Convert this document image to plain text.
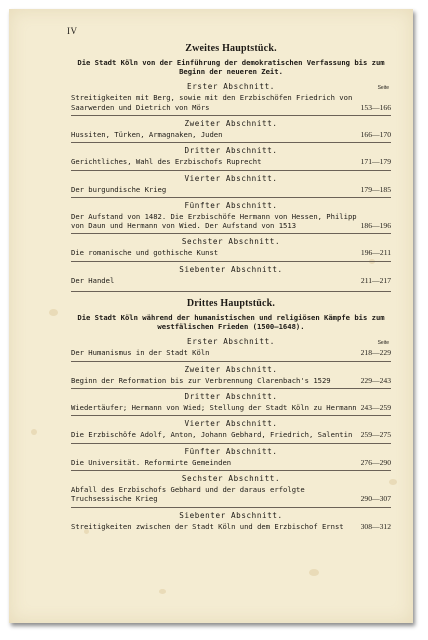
IV
Zweites Hauptstück.
Die Stadt Köln von der Einführung der demokratischen Verfassung bis zum Beginn der neueren Zeit.
Erster Abschnitt.	Seite
Streitigkeiten mit Berg, sowie mit den Erzbischöfen Friedrich von Saarwerden und Dietrich von Mörs	153—166
Zweiter Abschnitt.
Hussiten, Türken, Armagnaken, Juden	166—170
Dritter Abschnitt.
Gerichtliches, Wahl des Erzbischofs Ruprecht	171—179
Vierter Abschnitt.
Der burgundische Krieg	179—185
Fünfter Abschnitt.
Der Aufstand von 1482. Die Erzbischöfe Hermann von Hessen, Philipp von Daun und Hermann von Wied. Der Aufstand von 1513	186—196
Sechster Abschnitt.
Die romanische und gothische Kunst	196—211
Siebenter Abschnitt.
Der Handel	211—217
Drittes Hauptstück.
Die Stadt Köln während der humanistischen und religiösen Kämpfe bis zum westfälischen Frieden (1500—1648).
Erster Abschnitt.	Seite
Der Humanismus in der Stadt Köln	218—229
Zweiter Abschnitt.
Beginn der Reformation bis zur Verbrennung Clarenbach's 1529	229—243
Dritter Abschnitt.
Wiedertäufer; Hermann von Wied; Stellung der Stadt Köln zu Hermann 243—259
Vierter Abschnitt.
Die Erzbischöfe Adolf, Anton, Johann Gebhard, Friedrich, Salentin	259—275
Fünfter Abschnitt.
Die Universität. Reformirte Gemeinden	276—290
Sechster Abschnitt.
Abfall des Erzbischofs Gebhard und der daraus erfolgte Truchsessische Krieg	290—307
Siebenter Abschnitt.
Streitigkeiten zwischen der Stadt Köln und dem Erzbischof Ernst	308—312
